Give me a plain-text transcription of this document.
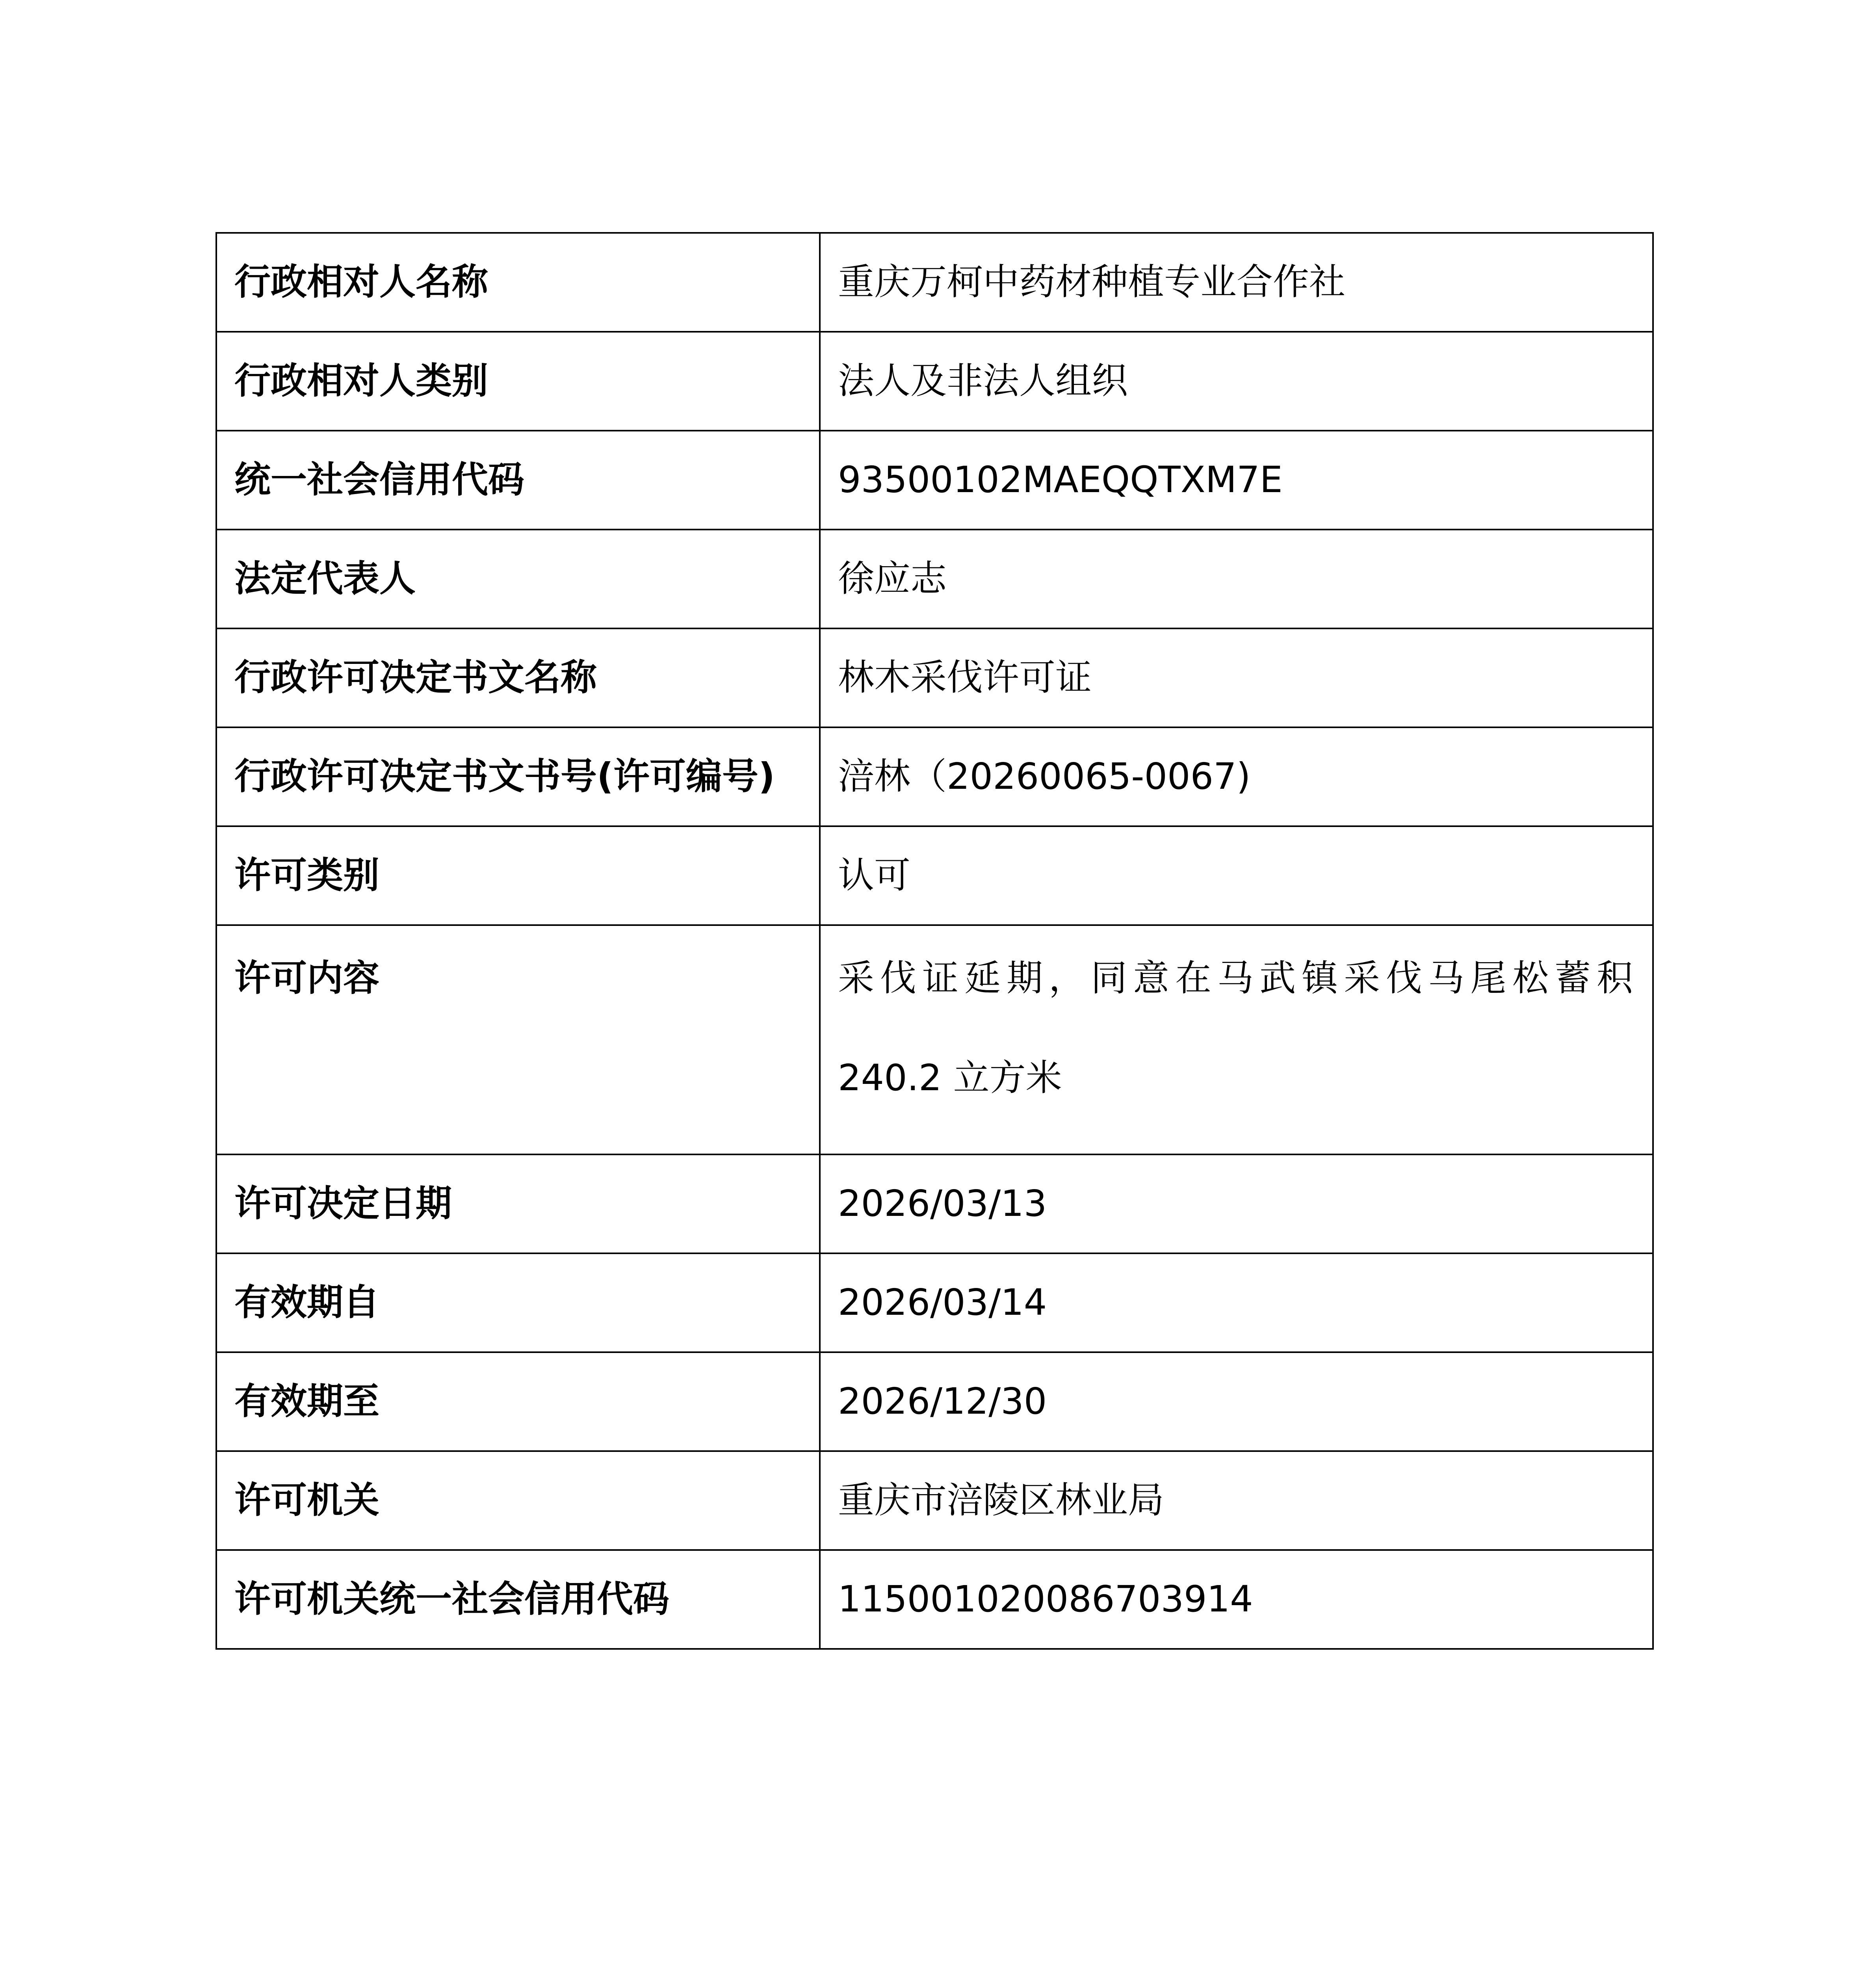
行政相对人名称	重庆万柯中药材种植专业合作社
行政相对人类别	法人及非法人组织
统一社会信用代码	93500102MAEQQTXM7E
法定代表人	徐应志
行政许可决定书文名称	林木采伐许可证
行政许可决定书文书号(许可编号)	涪林（20260065-0067)
许可类别	认可
许可内容	采伐证延期，同意在马武镇采伐马尾松蓄积
240.2 立方米

许可决定日期	2026/03/13
有效期自	2026/03/14
有效期至	2026/12/30
许可机关	重庆市涪陵区林业局
许可机关统一社会信用代码	115001020086703914
